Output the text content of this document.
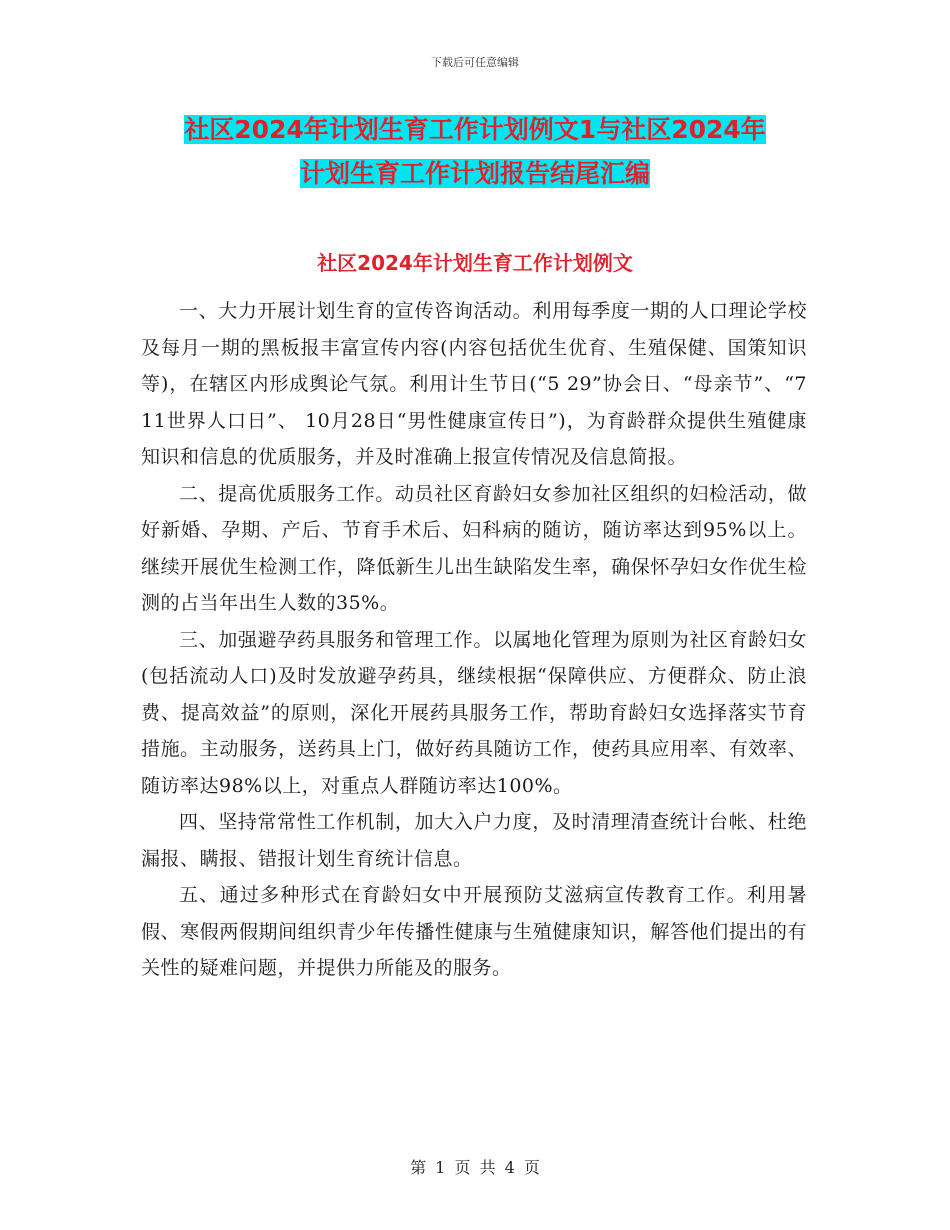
下载后可任意编辑
社区2024年计划生育工作计划例文1与社区2024年
计划生育工作计划报告结尾汇编
社区2024年计划生育工作计划例文

一、大力开展计划生育的宣传咨询活动。利用每季度一期的人口理论学校及每月一期的黑板报丰富宣传内容(内容包括优生优育、生殖保健、国策知识等)，在辖区内形成舆论气氛。利用计生节日(“5 29”协会日、“母亲节”、“7 11世界人口日”、 10月28日“男性健康宣传日”)，为育龄群众提供生殖健康知识和信息的优质服务，并及时准确上报宣传情况及信息简报。

二、提高优质服务工作。动员社区育龄妇女参加社区组织的妇检活动，做好新婚、孕期、产后、节育手术后、妇科病的随访，随访率达到95%以上。继续开展优生检测工作，降低新生儿出生缺陷发生率，确保怀孕妇女作优生检测的占当年出生人数的35%。

三、加强避孕药具服务和管理工作。以属地化管理为原则为社区育龄妇女(包括流动人口)及时发放避孕药具，继续根据“保障供应、方便群众、防止浪费、提高效益”的原则，深化开展药具服务工作，帮助育龄妇女选择落实节育措施。主动服务，送药具上门，做好药具随访工作，使药具应用率、有效率、随访率达98%以上，对重点人群随访率达100%。

四、坚持常常性工作机制，加大入户力度，及时清理清查统计台帐、杜绝漏报、瞒报、错报计划生育统计信息。

五、通过多种形式在育龄妇女中开展预防艾滋病宣传教育工作。利用暑假、寒假两假期间组织青少年传播性健康与生殖健康知识，解答他们提出的有关性的疑难问题，并提供力所能及的服务。

第 1 页 共 4 页
